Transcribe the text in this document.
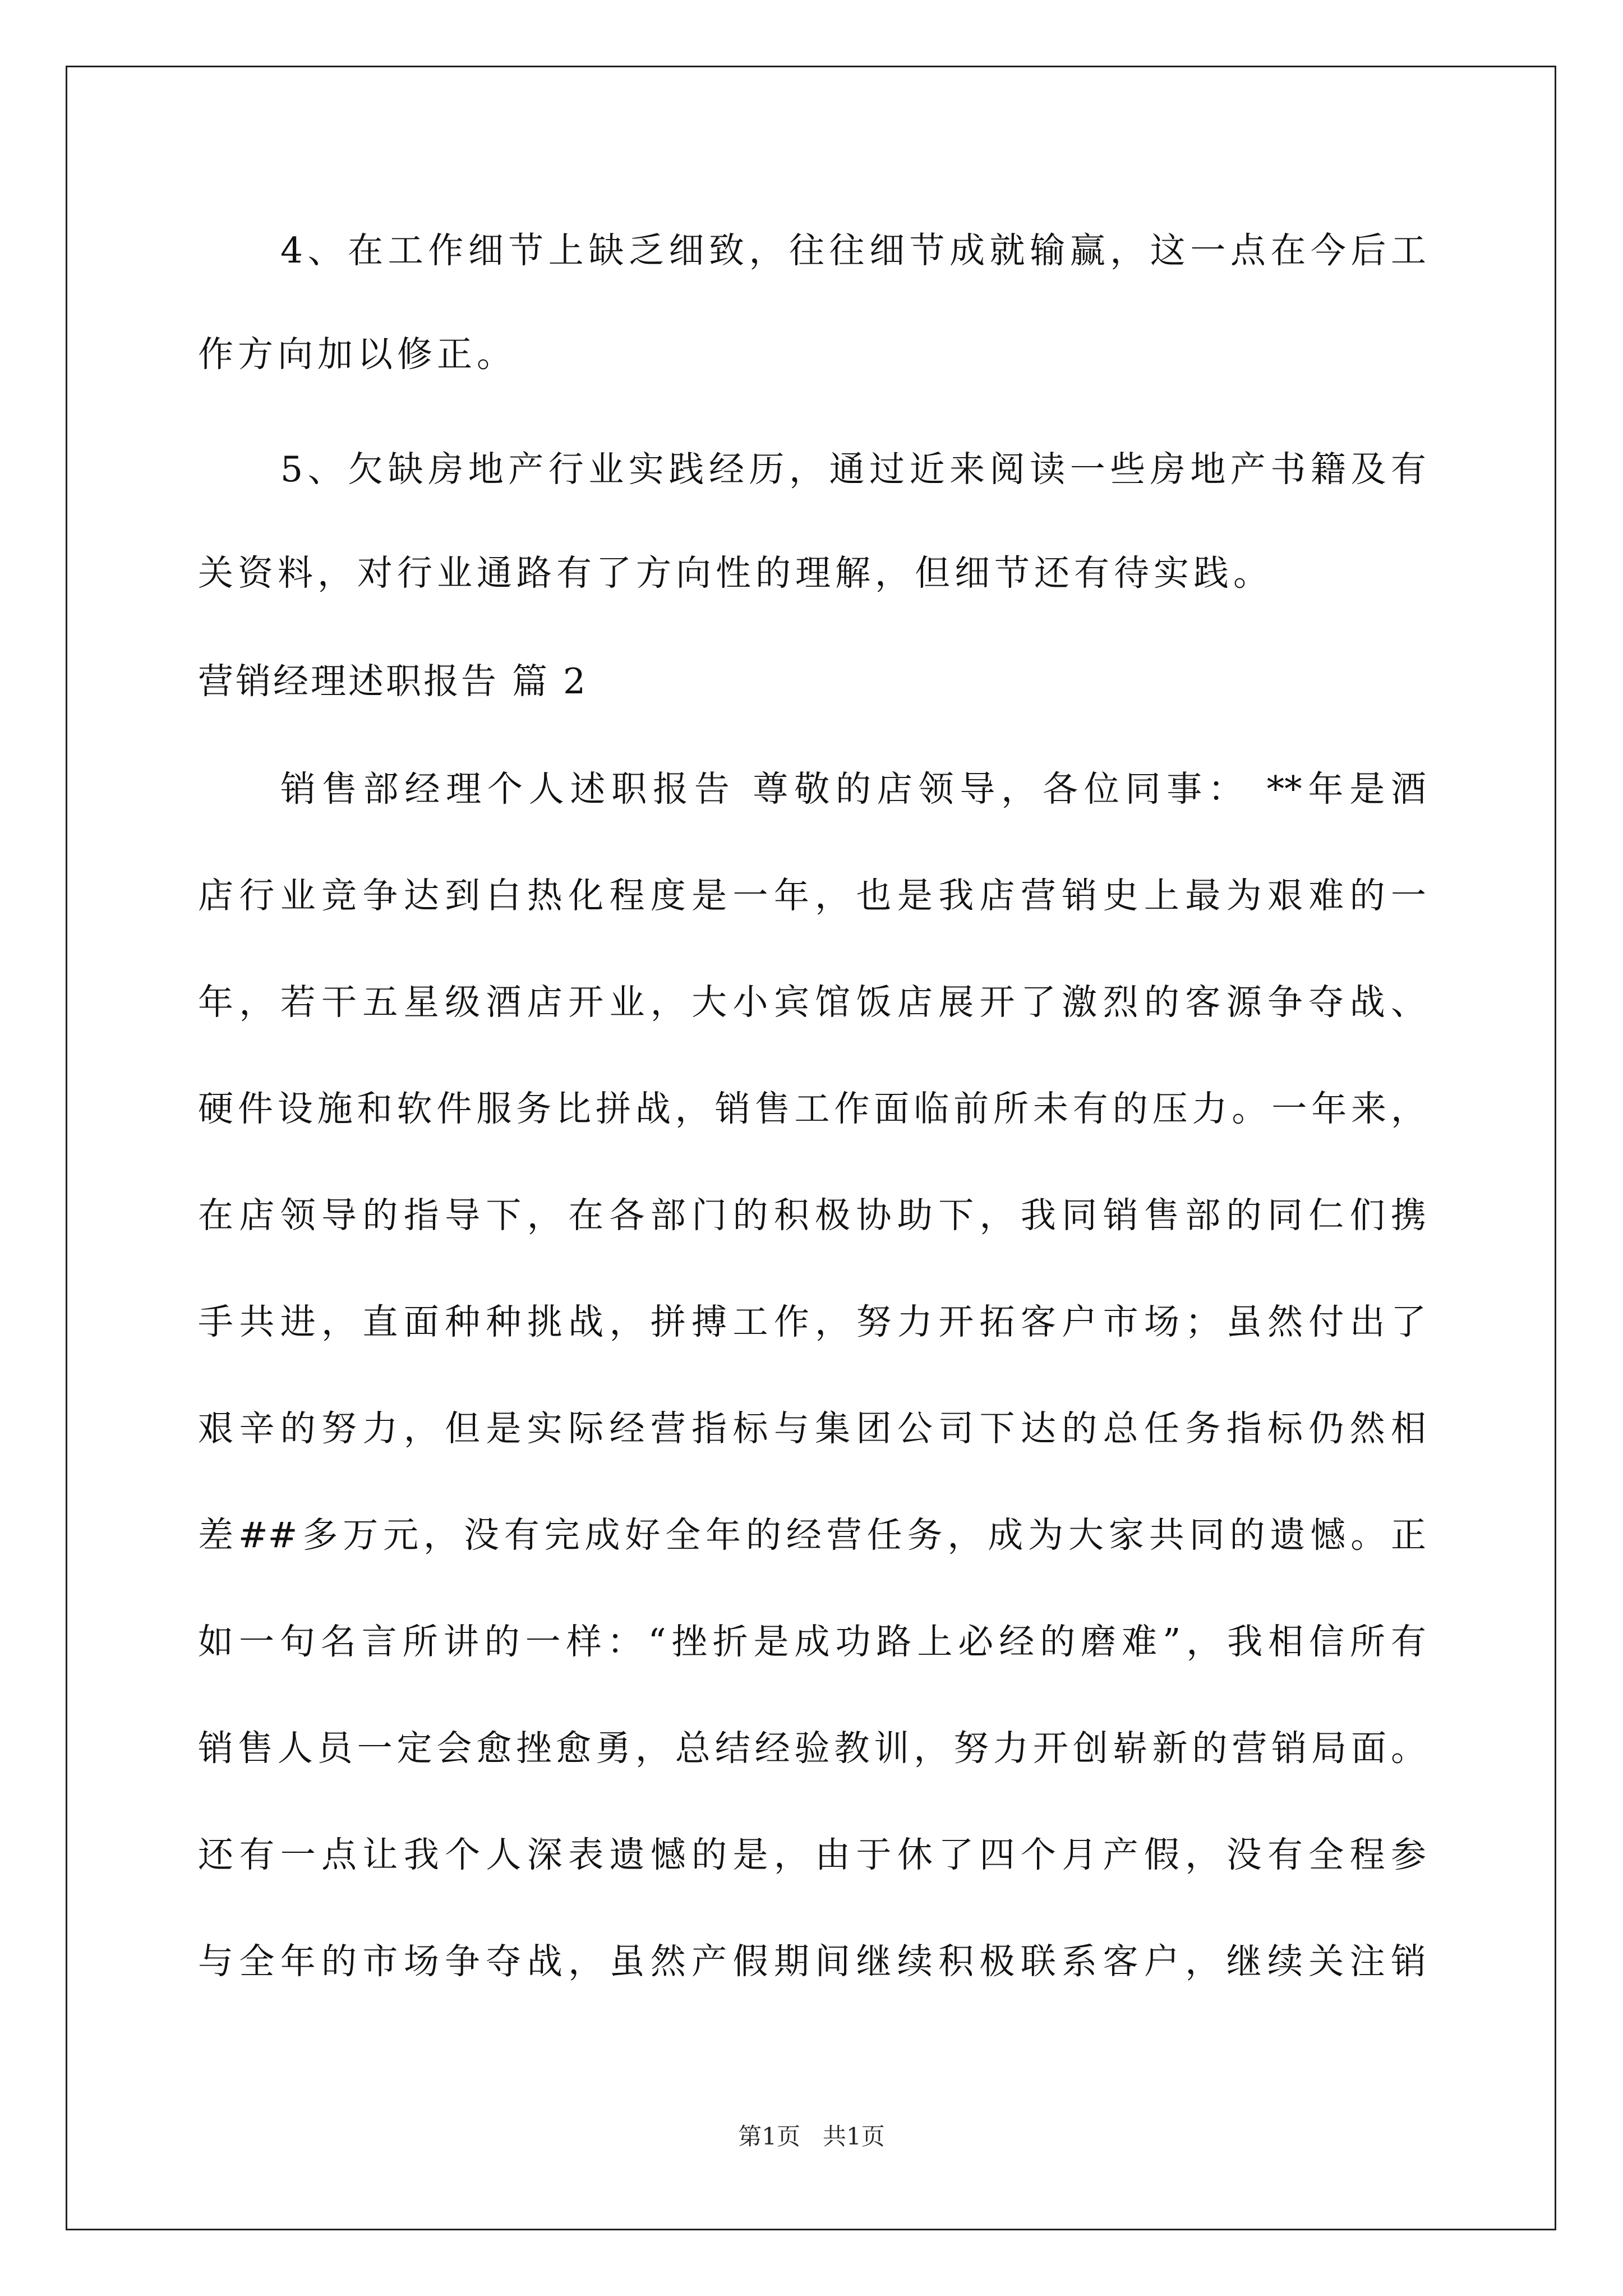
4、在工作细节上缺乏细致，往往细节成就输赢，这一点在今后工
作方向加以修正。
5、欠缺房地产行业实践经历，通过近来阅读一些房地产书籍及有
关资料，对行业通路有了方向性的理解，但细节还有待实践。
营销经理述职报告 篇 2
销售部经理个人述职报告 尊敬的店领导，各位同事： **年是酒
店行业竞争达到白热化程度是一年，也是我店营销史上最为艰难的一
年，若干五星级酒店开业，大小宾馆饭店展开了激烈的客源争夺战、
硬件设施和软件服务比拼战，销售工作面临前所未有的压力。一年来，
在店领导的指导下，在各部门的积极协助下，我同销售部的同仁们携
手共进，直面种种挑战，拼搏工作，努力开拓客户市场；虽然付出了
艰辛的努力，但是实际经营指标与集团公司下达的总任务指标仍然相
差##多万元，没有完成好全年的经营任务，成为大家共同的遗憾。正
如一句名言所讲的一样：“挫折是成功路上必经的磨难”，我相信所有
销售人员一定会愈挫愈勇，总结经验教训，努力开创崭新的营销局面。
还有一点让我个人深表遗憾的是，由于休了四个月产假，没有全程参
与全年的市场争夺战，虽然产假期间继续积极联系客户，继续关注销
第1页   共1页
